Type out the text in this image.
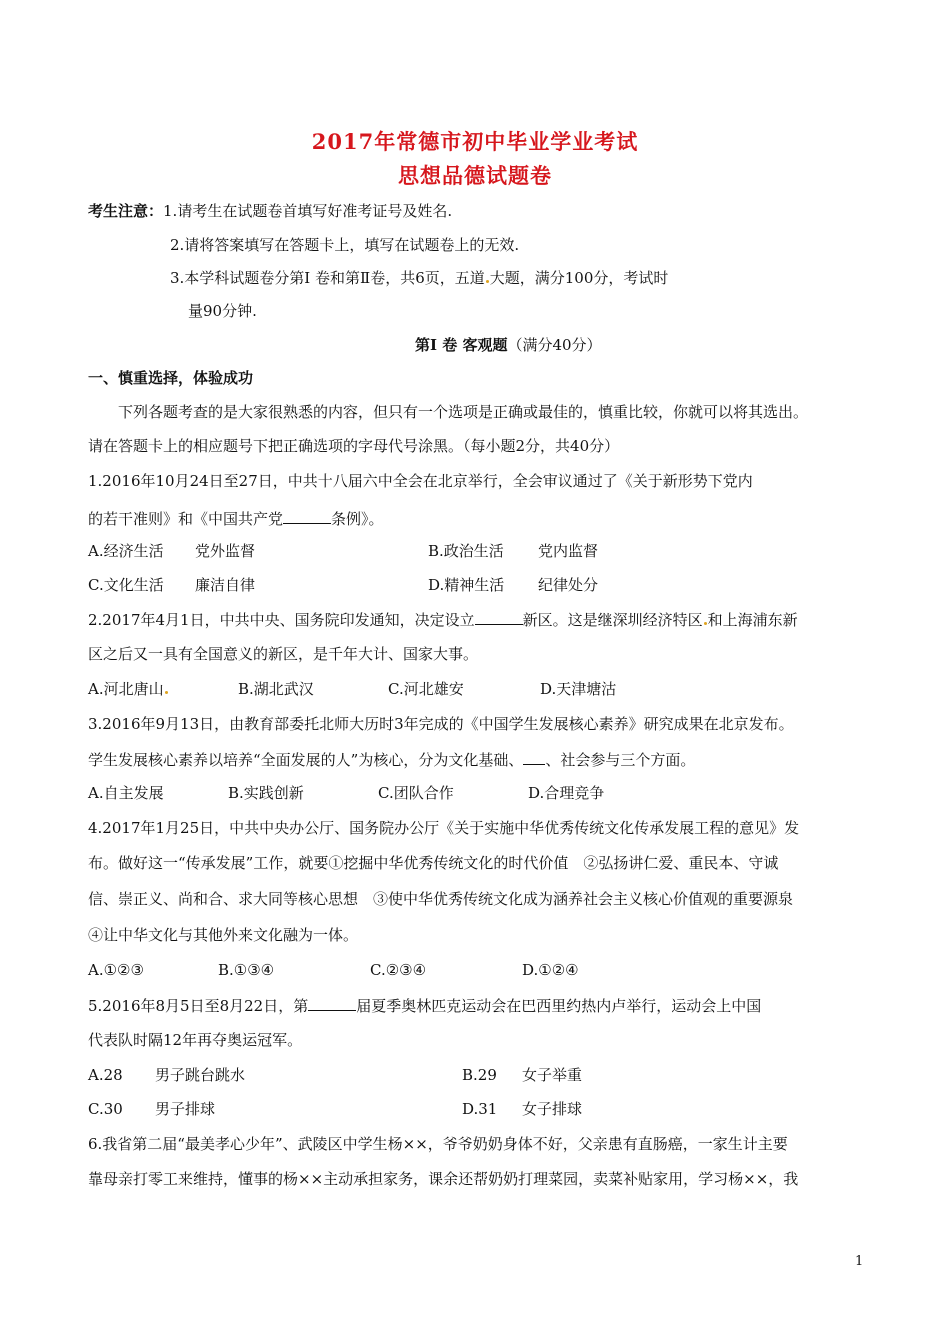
2017年常德市初中毕业学业考试
思想品德试题卷
考生注意：1.请考生在试题卷首填写好准考证号及姓名.
2.请将答案填写在答题卡上，填写在试题卷上的无效.
3.本学科试题卷分第Ⅰ 卷和第Ⅱ卷，共6页，五道 大题，满分100分，考试时
量90分钟.
第Ⅰ 卷 客观题（满分40分）
一、慎重选择，体验成功
下列各题考查的是大家很熟悉的内容，但只有一个选项是正确或最佳的，慎重比较，你就可以将其选出。
请在答题卡上的相应题号下把正确选项的字母代号涂黑。（每小题2分，共40分）
1.2016年10月24日至27日，中共十八届六中全会在北京举行，全会审议通过了《关于新形势下党内
的若干准则》和《中国共产党	条例》。
A.经济生活 党外监督	B.政治生活 党内监督
C.文化生活 廉洁自律	D.精神生活 纪律处分
2.2017年4月1日，中共中央、国务院印发通知，决定设立	新区。这是继深圳经济特区 和上海浦东新
区之后又一具有全国意义的新区，是千年大计、国家大事。
A.河北唐山	B.湖北武汉	C.河北雄安	D.天津塘沽
3.2016年9月13日，由教育部委托北师大历时3年完成的《中国学生发展核心素养》研究成果在北京发布。
学生发展核心素养以培养“全面发展的人”为核心，分为文化基础、 、社会参与三个方面。
A.自主发展	B.实践创新	C.团队合作	D.合理竞争
4.2017年1月25日，中共中央办公厅、国务院办公厅《关于实施中华优秀传统文化传承发展工程的意见》发
布。做好这一“传承发展”工作，就要①挖掘中华优秀传统文化的时代价值　②弘扬讲仁爱、重民本、守诚
信、崇正义、尚和合、求大同等核心思想　③使中华优秀传统文化成为涵养社会主义核心价值观的重要源泉
④让中华文化与其他外来文化融为一体。
A.①②③	B.①③④	C.②③④	D.①②④
5.2016年8月5日至8月22日，第	届夏季奥林匹克运动会在巴西里约热内卢举行，运动会上中国
代表队时隔12年再夺奥运冠军。
A.28 男子跳台跳水	B.29 女子举重
C.30 男子排球	D.31 女子排球
6.我省第二届“最美孝心少年”、武陵区中学生杨××，爷爷奶奶身体不好，父亲患有直肠癌，一家生计主要
靠母亲打零工来维持，懂事的杨××主动承担家务，课余还帮奶奶打理菜园，卖菜补贴家用，学习杨××，我
1
